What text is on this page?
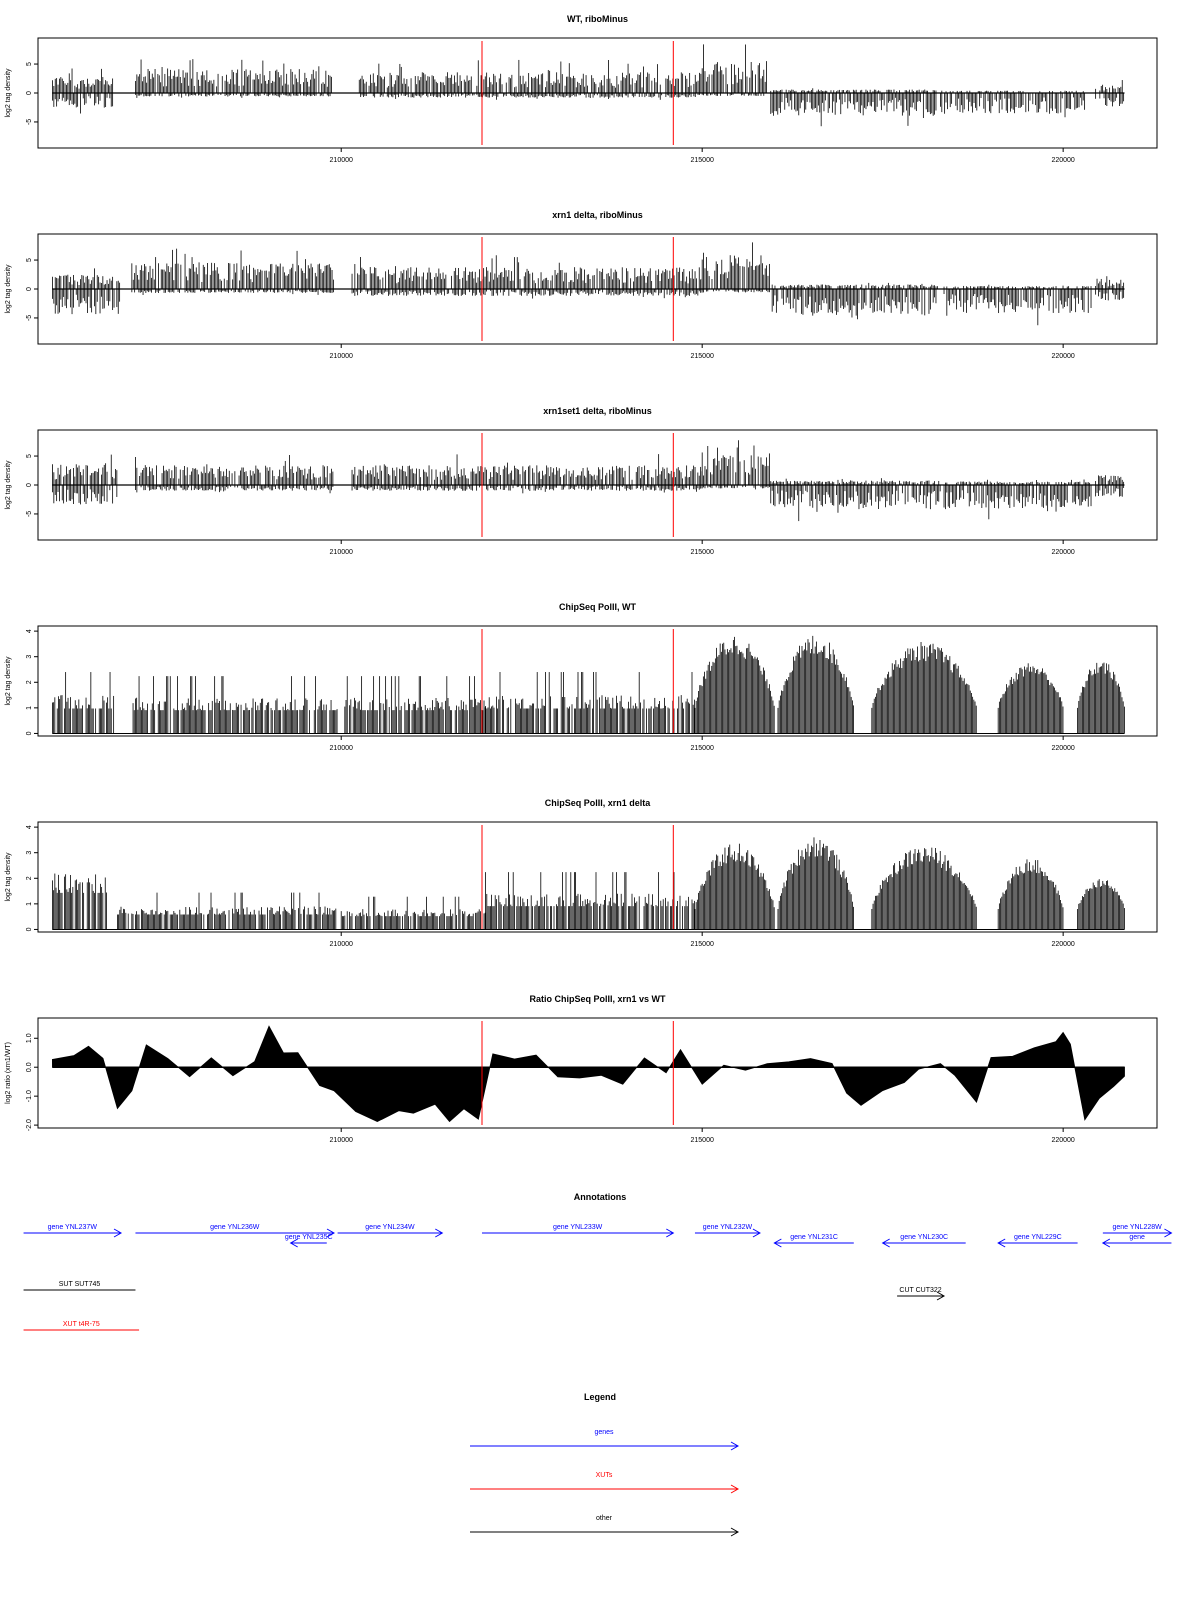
WT, riboMinus
log2 tag density
-5
0
5
210000	215000	220000
xrn1 delta, riboMinus
log2 tag density
-5
0
5
210000	215000	220000
xrn1set1 delta, riboMinus
log2 tag density
-5
0
5
210000	215000	220000
ChipSeq PolII, WT
log2 tag density
0
1
2
3
4
210000	215000	220000
ChipSeq PolII, xrn1 delta
log2 tag density
0
1
2
3
4
210000	215000	220000
Ratio ChipSeq PolII, xrn1 vs WT
log2 ratio (xrn1/WT)
-2.0
-1.0
0.0
1.0
210000	215000	220000
Annotations
gene YNL237W	gene YNL236W
gene YNL235C
gene YNL234W	gene YNL233W	gene YNL232W
gene YNL231C	gene YNL230C	gene YNL229C
gene YNL228W
gene
SUT SUT745
CUT CUT322
XUT t4R-75
Legend
genes
XUTs
other
